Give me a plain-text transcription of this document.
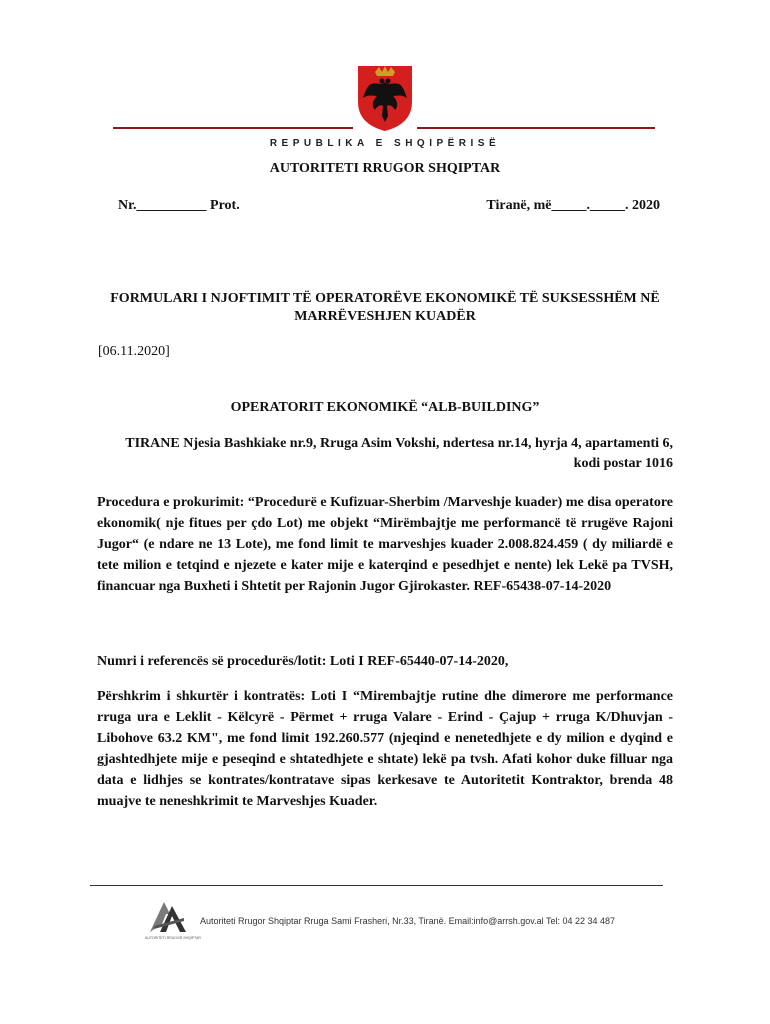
REPUBLIKA E SHQIPËRISË
AUTORITETI RRUGOR SHQIPTAR
Nr.__________ Prot.	Tiranë, më_____._____. 2020
FORMULARI I NJOFTIMIT TË OPERATORËVE EKONOMIKË TË SUKSESSHËM NË MARRËVESHJEN KUADËR
[06.11.2020]
OPERATORIT EKONOMIKË “ALB-BUILDING”
TIRANE Njesia Bashkiake nr.9, Rruga Asim Vokshi, ndertesa nr.14, hyrja 4, apartamenti 6, kodi postar 1016
Procedura e prokurimit: “Procedurë e Kufizuar-Sherbim /Marveshje kuader) me disa operatore ekonomik( nje fitues per çdo Lot) me objekt “Mirëmbajtje me performancë të rrugëve Rajoni Jugor“ (e ndare ne 13 Lote), me fond limit te marveshjes kuader 2.008.824.459 ( dy miliardë e tete milion e tetqind e njezete e kater mije e katerqind e pesedhjet e nente) lek Lekë pa TVSH, financuar nga Buxheti i Shtetit per Rajonin Jugor Gjirokaster. REF-65438-07-14-2020
Numri i referencës së procedurës/lotit: Loti I REF-65440-07-14-2020,
Përshkrim i shkurtër i kontratës: Loti I “Mirembajtje rutine dhe dimerore me performance rruga ura e Leklit - Këlcyrë - Përmet + rruga Valare - Erind - Çajup + rruga K/Dhuvjan - Libohove 63.2 KM", me fond limit 192.260.577 (njeqind e nenetedhjete e dy milion e dyqind e gjashtedhjete mije e peseqind e shtatedhjete e shtate) lekë pa tvsh. Afati kohor duke filluar nga data e lidhjes se kontrates/kontratave sipas kerkesave te Autoritetit Kontraktor, brenda 48 muajve te neneshkrimit te Marveshjes Kuader.
AUTORITETI RRUGOR SHQIPTAR
Autoriteti Rrugor Shqiptar Rruga Sami Frasheri, Nr.33, Tiranë. Email:info@arrsh.gov.al Tel: 04 22 34 487
